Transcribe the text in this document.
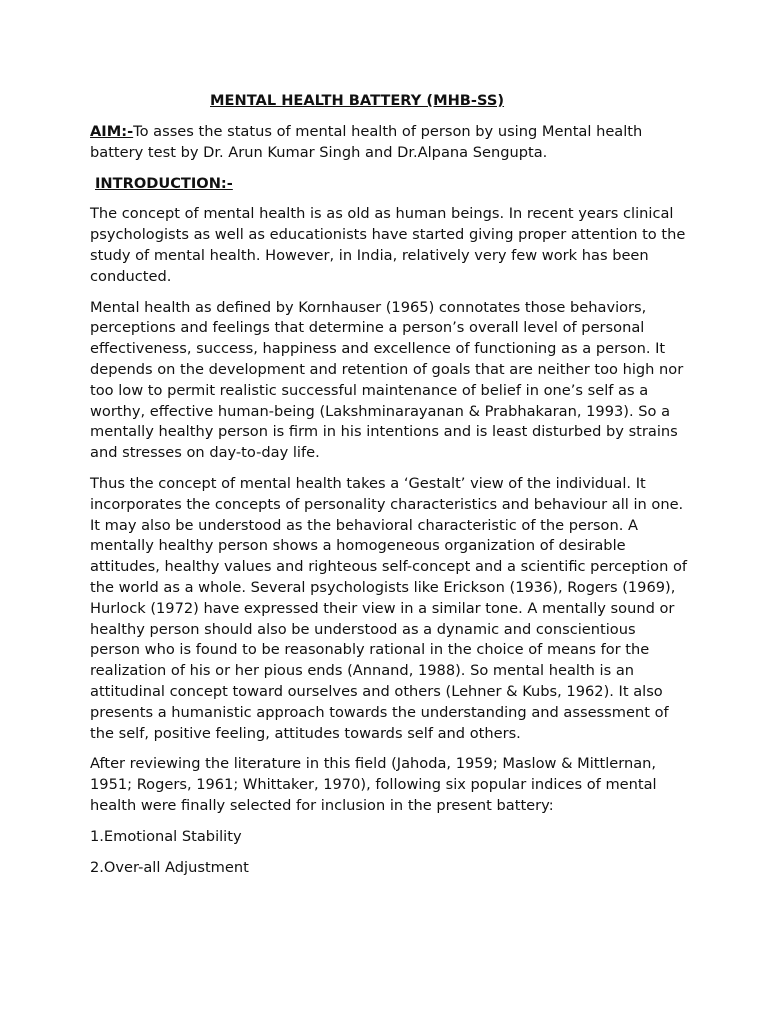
MENTAL HEALTH BATTERY (MHB-SS)

AIM:-To asses the status of mental health of person by using Mental health battery test by Dr. Arun Kumar Singh and Dr.Alpana Sengupta.

INTRODUCTION:-

The concept of mental health is as old as human beings. In recent years clinical psychologists as well as educationists have started giving proper attention to the study of mental health. However, in India, relatively very few work has been conducted.

Mental health as defined by Kornhauser (1965) connotates those behaviors, perceptions and feelings that determine a person’s overall level of personal effectiveness, success, happiness and excellence of functioning as a person. It depends on the development and retention of goals that are neither too high nor too low to permit realistic successful maintenance of belief in one’s self as a worthy, effective human-being (Lakshminarayanan & Prabhakaran, 1993). So a mentally healthy person is firm in his intentions and is least disturbed by strains and stresses on day-to-day life.

Thus the concept of mental health takes a ‘Gestalt’ view of the individual. It incorporates the concepts of personality characteristics and behaviour all in one. It may also be understood as the behavioral characteristic of the person. A mentally healthy person shows a homogeneous organization of desirable attitudes, healthy values and righteous self-concept and a scientific perception of the world as a whole. Several psychologists like Erickson (1936), Rogers (1969), Hurlock (1972) have expressed their view in a similar tone. A mentally sound or healthy person should also be understood as a dynamic and conscientious person who is found to be reasonably rational in the choice of means for the realization of his or her pious ends (Annand, 1988). So mental health is an attitudinal concept toward ourselves and others (Lehner & Kubs, 1962). It also presents a humanistic approach towards the understanding and assessment of the self, positive feeling, attitudes towards self and others.

After reviewing the literature in this field (Jahoda, 1959; Maslow & Mittlernan, 1951; Rogers, 1961; Whittaker, 1970), following six popular indices of mental health were finally selected for inclusion in the present battery:

1.Emotional Stability

2.Over-all Adjustment
